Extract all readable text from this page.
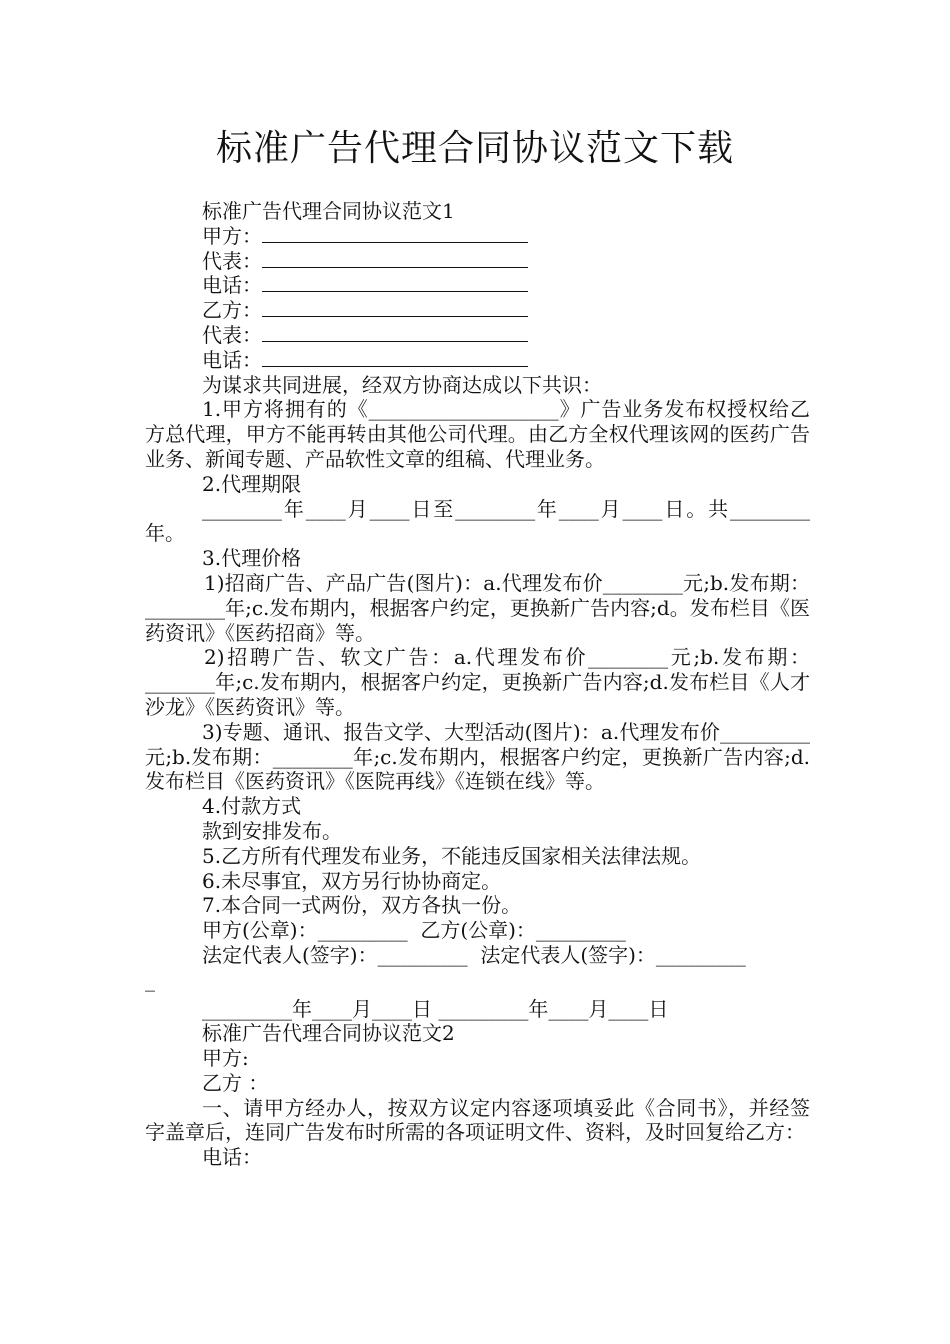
标准广告代理合同协议范文下载

标准广告代理合同协议范文1

甲方：

代表：

电话：

乙方：

代表：

电话：

为谋求共同进展，经双方协商达成以下共识：

1.甲方将拥有的《___________________》广告业务发布权授权给乙方总代理，甲方不能再转由其他公司代理。由乙方全权代理该网的医药广告业务、新闻专题、产品软性文章的组稿、代理业务。

2.代理期限

________年____月____日至________年____月____日。共________年。

3.代理价格

1)招商广告、产品广告(图片)：a.代理发布价________元;b.发布期：________年;c.发布期内，根据客户约定，更换新广告内容;d。发布栏目《医药资讯》《医药招商》等。

2)招聘广告、软文广告：a.代理发布价________元;b.发布期：_______年;c.发布期内，根据客户约定，更换新广告内容;d.发布栏目《人才沙龙》《医药资讯》等。

3)专题、通讯、报告文学、大型活动(图片)：a.代理发布价_________元;b.发布期：________年;c.发布期内，根据客户约定，更换新广告内容;d.发布栏目《医药资讯》《医院再线》《连锁在线》等。

4.付款方式

款到安排发布。

5.乙方所有代理发布业务，不能违反国家相关法律法规。

6.未尽事宜，双方另行协协商定。

7.本合同一式两份，双方各执一份。

甲方(公章)：_________  乙方(公章)：_________

法定代表人(签字)：_________  法定代表人(签字)：_________

_

_________年____月____日 _________年____月____日

标准广告代理合同协议范文2

甲方:

乙方 ：

一、请甲方经办人，按双方议定内容逐项填妥此《合同书》，并经签字盖章后，连同广告发布时所需的各项证明文件、资料，及时回复给乙方：

电话：
